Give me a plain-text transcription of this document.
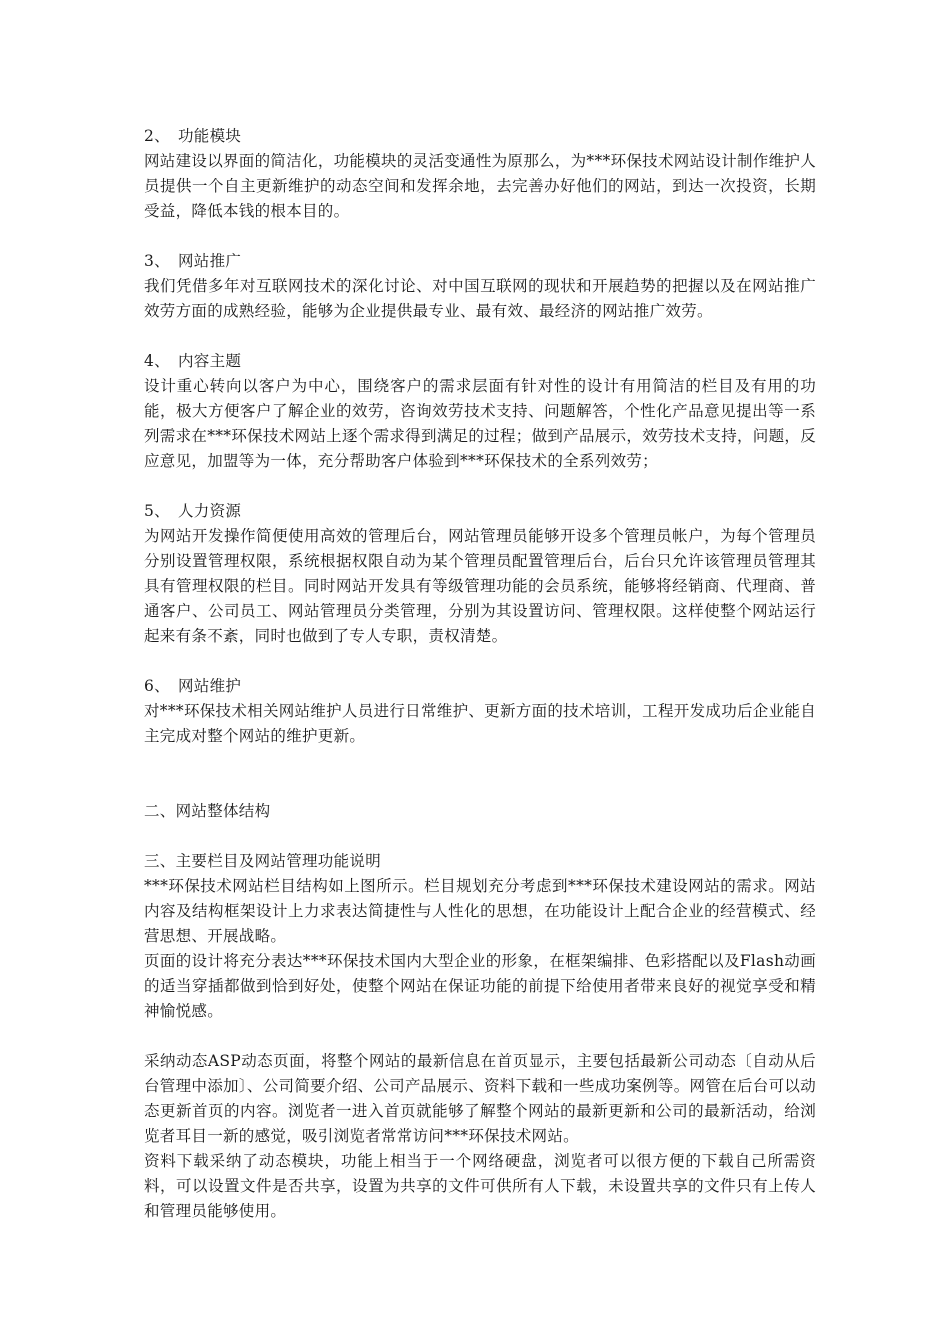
2、 功能模块

网站建设以界面的简洁化，功能模块的灵活变通性为原那么，为***环保技术网站设计制作维护人员提供一个自主更新维护的动态空间和发挥余地，去完善办好他们的网站，到达一次投资，长期受益，降低本钱的根本目的。

3、 网站推广

我们凭借多年对互联网技术的深化讨论、对中国互联网的现状和开展趋势的把握以及在网站推广效劳方面的成熟经验，能够为企业提供最专业、最有效、最经济的网站推广效劳。

4、 内容主题

设计重心转向以客户为中心，围绕客户的需求层面有针对性的设计有用简洁的栏目及有用的功能，极大方便客户了解企业的效劳，咨询效劳技术支持、问题解答，个性化产品意见提出等一系列需求在***环保技术网站上逐个需求得到满足的过程；做到产品展示，效劳技术支持，问题，反应意见，加盟等为一体，充分帮助客户体验到***环保技术的全系列效劳；

5、 人力资源

为网站开发操作简便使用高效的管理后台，网站管理员能够开设多个管理员帐户，为每个管理员分别设置管理权限，系统根据权限自动为某个管理员配置管理后台，后台只允许该管理员管理其具有管理权限的栏目。同时网站开发具有等级管理功能的会员系统，能够将经销商、代理商、普通客户、公司员工、网站管理员分类管理，分别为其设置访问、管理权限。这样使整个网站运行起来有条不紊，同时也做到了专人专职，责权清楚。

6、 网站维护

对***环保技术相关网站维护人员进行日常维护、更新方面的技术培训，工程开发成功后企业能自主完成对整个网站的维护更新。

二、网站整体结构

三、主要栏目及网站管理功能说明

***环保技术网站栏目结构如上图所示。栏目规划充分考虑到***环保技术建设网站的需求。网站内容及结构框架设计上力求表达简捷性与人性化的思想，在功能设计上配合企业的经营模式、经营思想、开展战略。

页面的设计将充分表达***环保技术国内大型企业的形象，在框架编排、色彩搭配以及Flash动画的适当穿插都做到恰到好处，使整个网站在保证功能的前提下给使用者带来良好的视觉享受和精神愉悦感。

采纳动态ASP动态页面，将整个网站的最新信息在首页显示，主要包括最新公司动态〔自动从后台管理中添加〕、公司简要介绍、公司产品展示、资料下载和一些成功案例等。网管在后台可以动态更新首页的内容。浏览者一进入首页就能够了解整个网站的最新更新和公司的最新活动，给浏览者耳目一新的感觉，吸引浏览者常常访问***环保技术网站。

资料下载采纳了动态模块，功能上相当于一个网络硬盘，浏览者可以很方便的下载自己所需资料，可以设置文件是否共享，设置为共享的文件可供所有人下载，未设置共享的文件只有上传人和管理员能够使用。
